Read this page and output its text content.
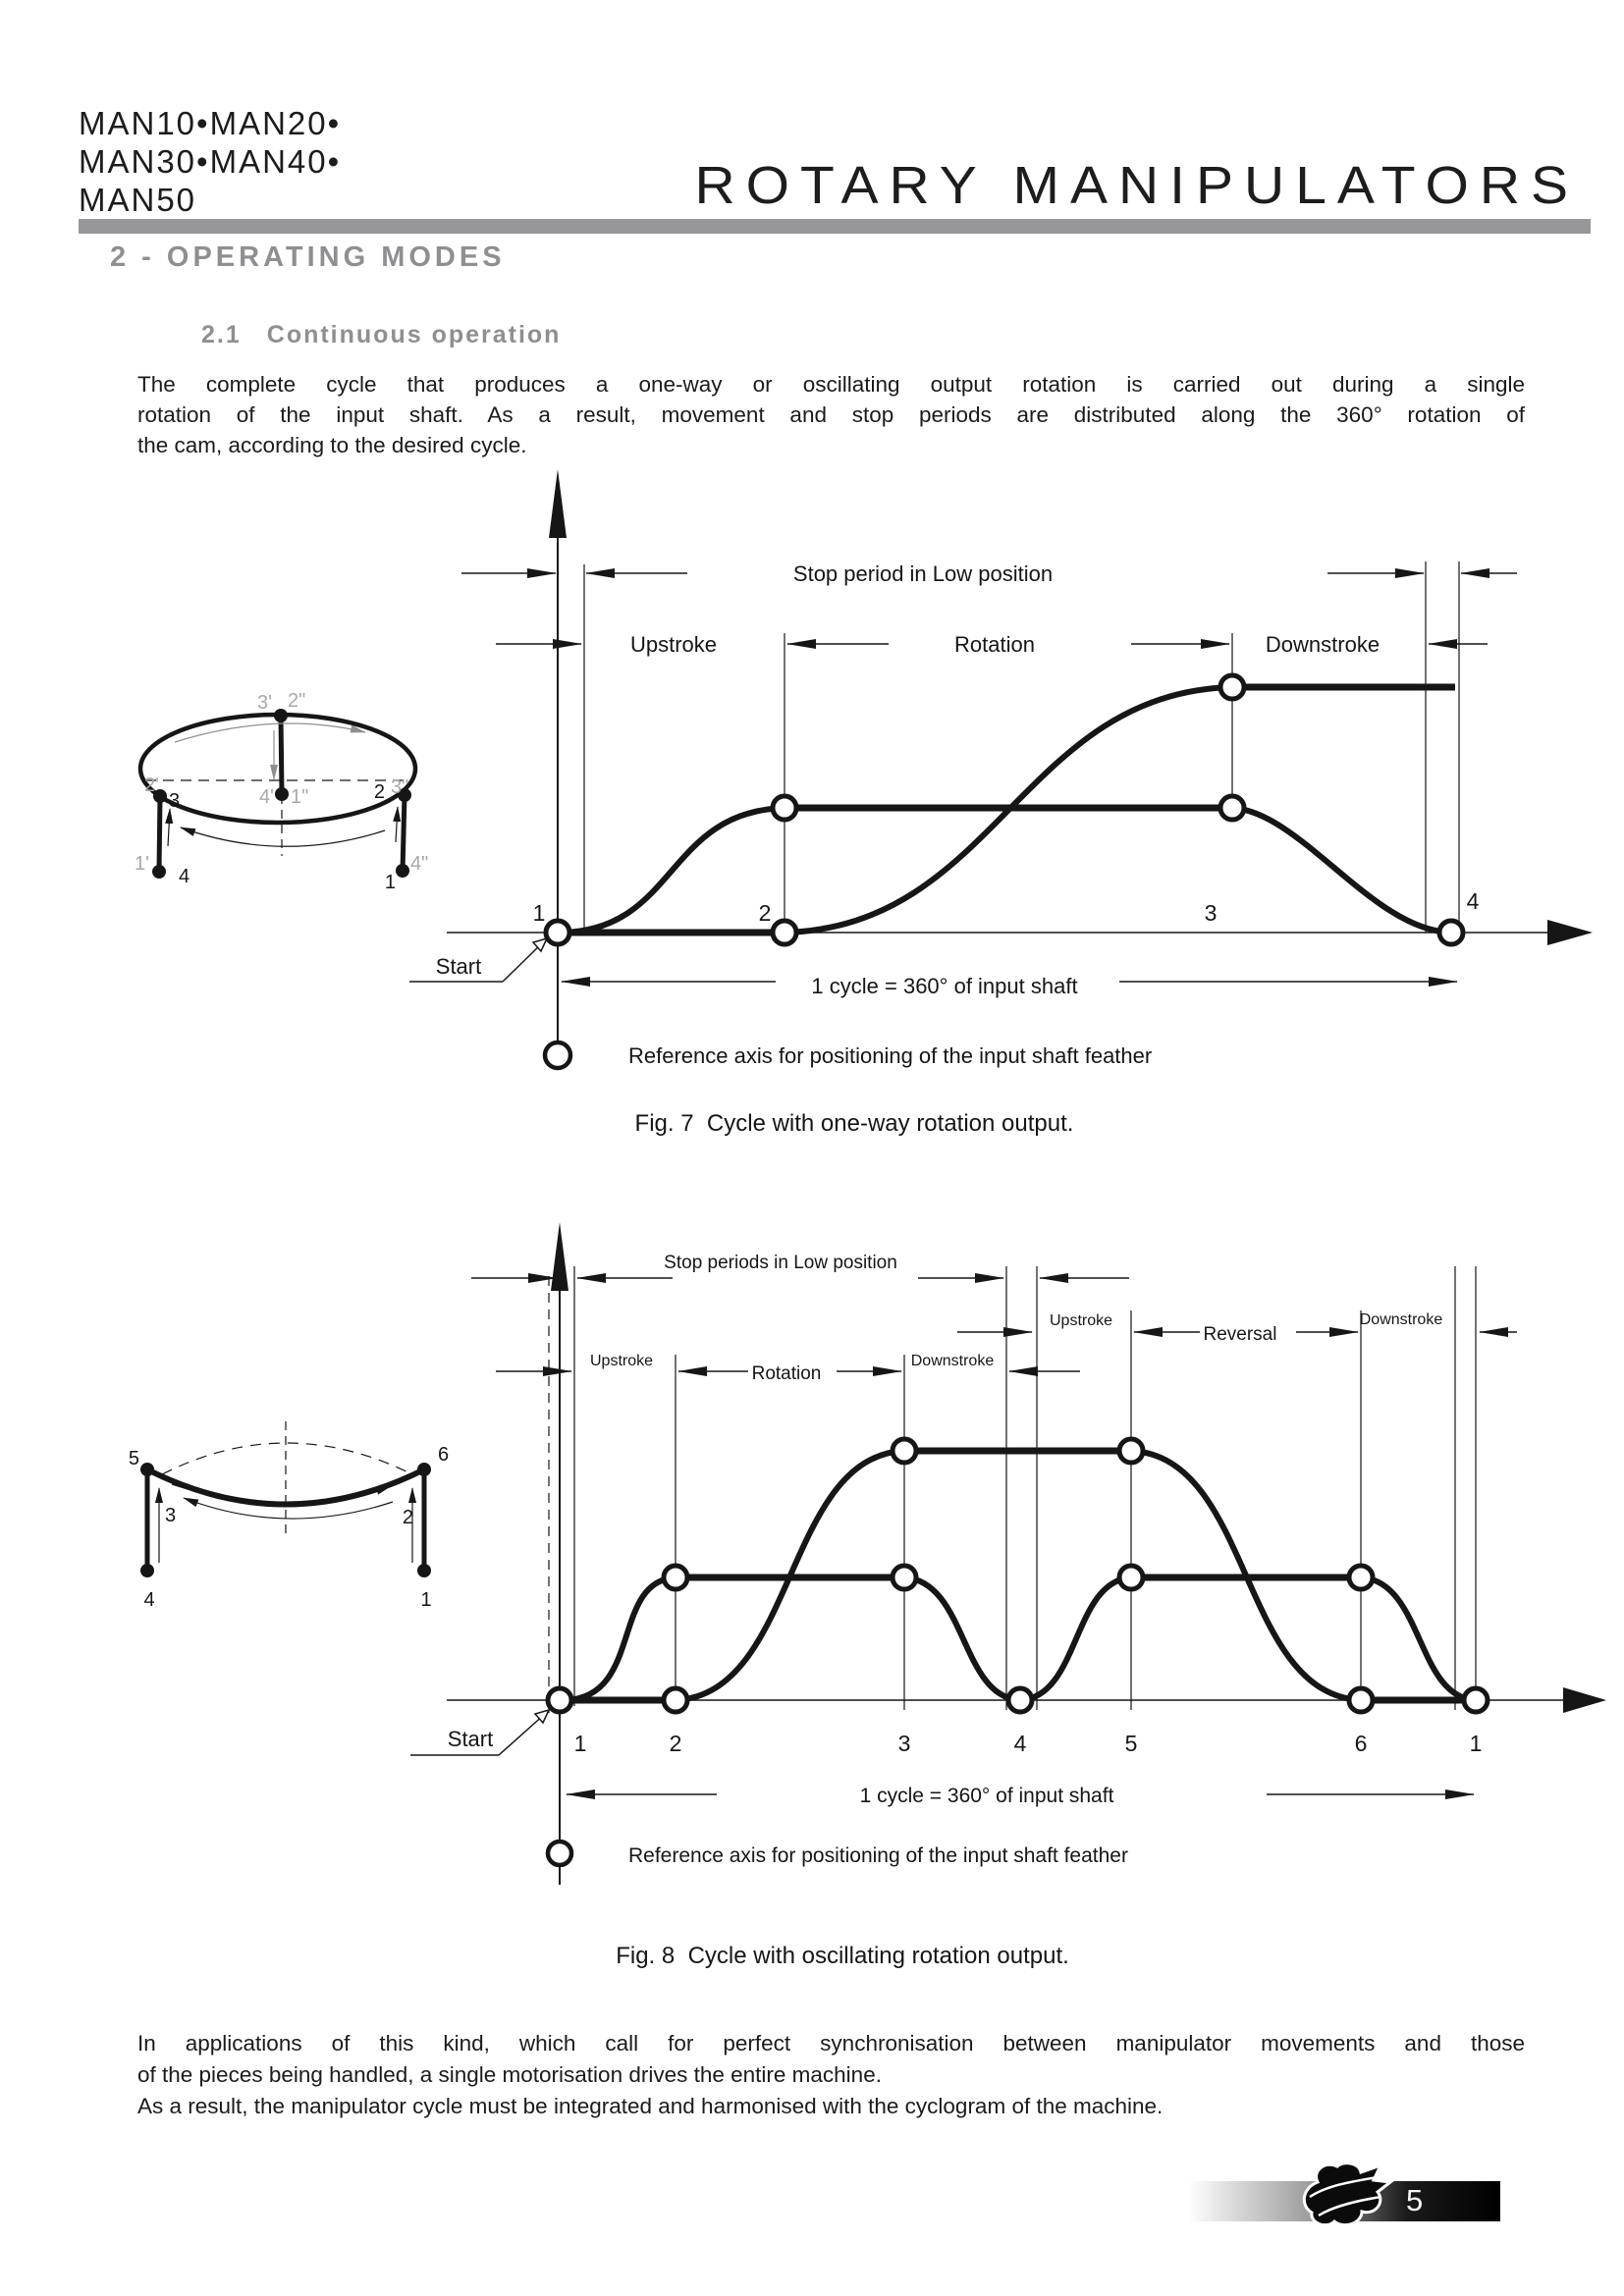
MAN10•MAN20•
MAN30•MAN40•
MAN50	ROTARY MANIPULATORS
2 - OPERATING MODES
2.1 Continuous operation
The complete cycle that produces a one-way or oscillating output rotation is carried out during a single
rotation of the input shaft. As a result, movement and stop periods are distributed along the 360° rotation of
the cam, according to the desired cycle.
3' 2"
2'
3	4' 1"	2 3"
1'
4	1
4"
Stop period in Low position
Upstroke	Rotation	Downstroke
1	2	3	4
Start
1 cycle = 360° of input shaft
Reference axis for positioning of the input shaft feather
Fig. 7  Cycle with one-way rotation output.
5
3
4
6
2
1
Stop periods in Low position
Upstroke
Reversal
Downstroke
Upstroke
Rotation
Downstroke
1	2	3	4	5	6	1
Start
1 cycle = 360° of input shaft
Reference axis for positioning of the input shaft feather
Fig. 8  Cycle with oscillating rotation output.
In applications of this kind, which call for perfect synchronisation between manipulator movements and those
of the pieces being handled, a single motorisation drives the entire machine.
As a result, the manipulator cycle must be integrated and harmonised with the cyclogram of the machine.
5
